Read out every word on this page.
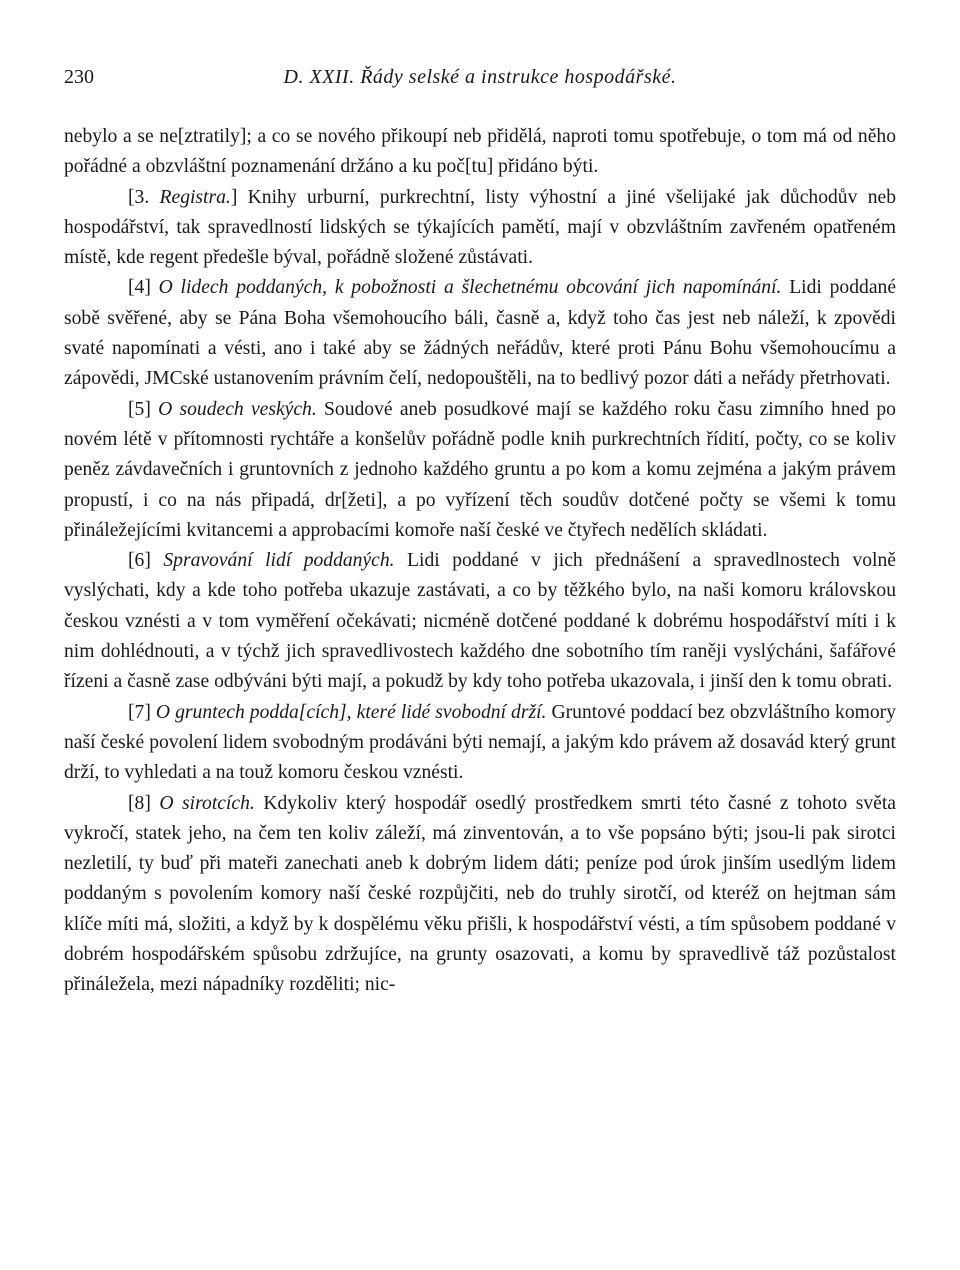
230	D. XXII. Řády selské a instrukce hospodářské.

nebylo a se ne[ztratily]; a co se nového přikoupí neb přidělá, naproti tomu spotřebuje, o tom má od něho pořádné a obzvláštní poznamenání držáno a ku poč[tu] přidáno býti.

[3. Registra.] Knihy urburní, purkrechtní, listy výhostní a jiné všelijaké jak důchodův neb hospodářství, tak spravedlností lidských se týkajících pamětí, mají v obzvláštním zavřeném opatřeném místě, kde regent předešle býval, pořádně složené zůstávati.

[4] O lidech poddaných, k pobožnosti a šlechetnému obcování jich napomínání. Lidi poddané sobě svěřené, aby se Pána Boha všemohoucího báli, časně a, když toho čas jest neb náleží, k zpovědi svaté napomínati a vésti, ano i také aby se žádných neřádův, které proti Pánu Bohu všemohoucímu a zápovědi, JMCské ustanovením právním čelí, nedopouštěli, na to bedlivý pozor dáti a neřády přetrhovati.

[5] O soudech veských. Soudové aneb posudkové mají se každého roku času zimního hned po novém létě v přítomnosti rychtáře a konšelův pořádně podle knih purkrechtních řídití, počty, co se koliv peněz závdavečních i gruntovních z jednoho každého gruntu a po kom a komu zejména a jakým právem propustí, i co na nás připadá, dr[žeti], a po vyřízení těch soudův dotčené počty se všemi k tomu přináležejícími kvitancemi a approbacími komoře naší české ve čtyřech nedělích skládati.

[6] Spravování lidí poddaných. Lidi poddané v jich přednášení a spravedlnostech volně vyslýchati, kdy a kde toho potřeba ukazuje zastávati, a co by těžkého bylo, na naši komoru královskou českou vznésti a v tom vyměření očekávati; nicméně dotčené poddané k dobrému hospodářství míti i k nim dohlédnouti, a v týchž jich spravedlivostech každého dne sobotního tím raněji vyslýcháni, šafářové řízeni a časně zase odbýváni býti mají, a pokudž by kdy toho potřeba ukazovala, i jinší den k tomu obrati.

[7] O gruntech podda[cích], které lidé svobodní drží. Gruntové poddací bez obzvláštního komory naší české povolení lidem svobodným prodáváni býti nemají, a jakým kdo právem až dosavád který grunt drží, to vyhledati a na touž komoru českou vznésti.

[8] O sirotcích. Kdykoliv který hospodář osedlý prostředkem smrti této časné z tohoto světa vykročí, statek jeho, na čem ten koliv záleží, má zinventován, a to vše popsáno býti; jsou-li pak sirotci nezletilí, ty buď při mateři zanechati aneb k dobrým lidem dáti; peníze pod úrok jinším usedlým lidem poddaným s povolením komory naší české rozpůjčiti, neb do truhly sirotčí, od kteréž on hejtman sám klíče míti má, složiti, a když by k dospělému věku přišli, k hospodářství vésti, a tím spůsobem poddané v dobrém hospodářském spůsobu zdržujíce, na grunty osazovati, a komu by spravedlivě táž pozůstalost přináležela, mezi nápadníky rozděliti; nic-
